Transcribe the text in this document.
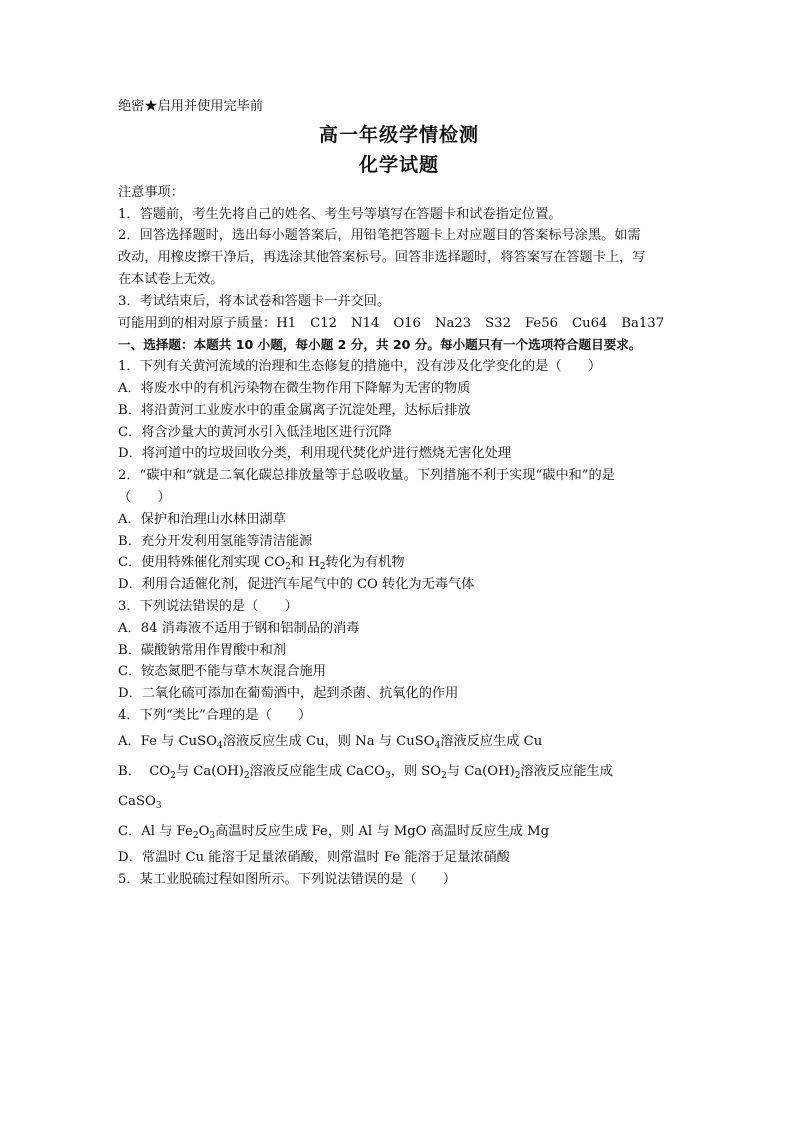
绝密★启用并使用完毕前
高一年级学情检测
化学试题
注意事项：
1．答题前，考生先将自己的姓名、考生号等填写在答题卡和试卷指定位置。
2．回答选择题时，选出每小题答案后，用铅笔把答题卡上对应题目的答案标号涂黑。如需
改动，用橡皮擦干净后，再选涂其他答案标号。回答非选择题时，将答案写在答题卡上，写
在本试卷上无效。
3．考试结束后，将本试卷和答题卡一并交回。
可能用到的相对原子质量：H1 C12 N14 O16 Na23 S32 Fe56 Cu64 Ba137
一、选择题：本题共 10 小题，每小题 2 分，共 20 分。每小题只有一个选项符合题目要求。
1．下列有关黄河流域的治理和生态修复的措施中，没有涉及化学变化的是（　　）
A．将废水中的有机污染物在微生物作用下降解为无害的物质
B．将沿黄河工业废水中的重金属离子沉淀处理，达标后排放
C．将含沙量大的黄河水引入低洼地区进行沉降
D．将河道中的垃圾回收分类，利用现代焚化炉进行燃烧无害化处理
2．“碳中和”就是二氧化碳总排放量等于总吸收量。下列措施不利于实现“碳中和”的是
（　　）
A．保护和治理山水林田湖草
B．充分开发利用氢能等清洁能源
C．使用特殊催化剂实现 $CO_2$和 $H_2$转化为有机物
D．利用合适催化剂，促进汽车尾气中的 CO 转化为无毒气体
3．下列说法错误的是（　　）
A．84 消毒液不适用于钢和铝制品的消毒
B．碳酸钠常用作胃酸中和剂
C．铵态氮肥不能与草木灰混合施用
D．二氧化硫可添加在葡萄酒中，起到杀菌、抗氧化的作用
4．下列“类比”合理的是（　　）
A．Fe 与 CuSO$_4$溶液反应生成 Cu，则 Na 与 CuSO$_4$溶液反应生成 Cu
B．  $CO_2$与 $Ca(OH)_2$溶液反应能生成 CaCO$_3$，则 $SO_2$与 $Ca(OH)_2$溶液反应能生成
CaSO$_3$
C．Al 与 $Fe_2O_3$高温时反应生成 Fe，则 Al 与 MgO 高温时反应生成 Mg
D．常温时 Cu 能溶于足量浓硝酸，则常温时 Fe 能溶于足量浓硝酸
5．某工业脱硫过程如图所示。下列说法错误的是（　　）
